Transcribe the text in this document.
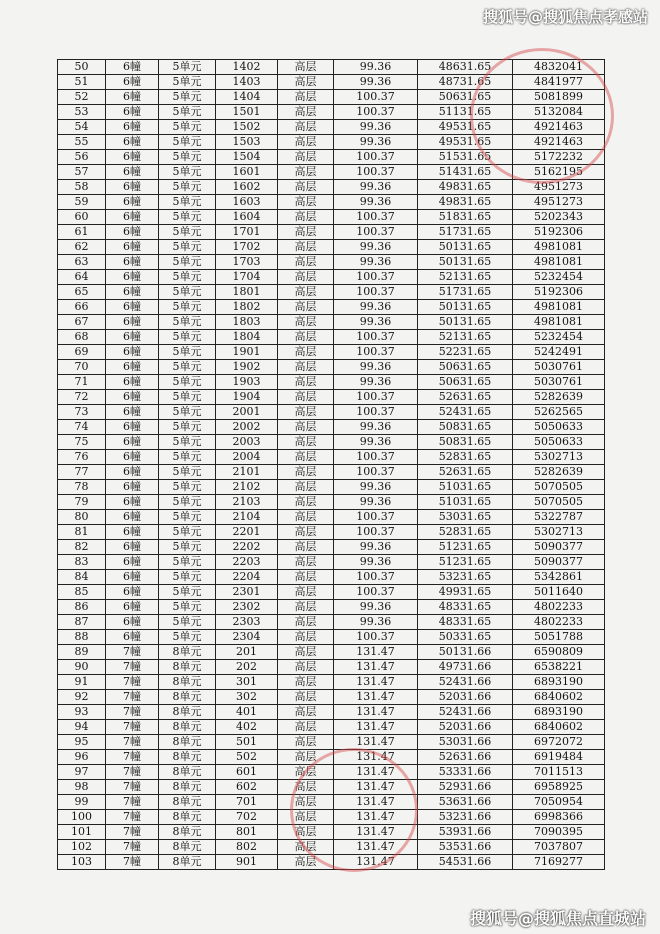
搜狐号@搜狐焦点孝感站
50	6幢	5单元	1402	高层	99.36	48631.65	4832041
51	6幢	5单元	1403	高层	99.36	48731.65	4841977
52	6幢	5单元	1404	高层	100.37	50631.65	5081899
53	6幢	5单元	1501	高层	100.37	51131.65	5132084
54	6幢	5单元	1502	高层	99.36	49531.65	4921463
55	6幢	5单元	1503	高层	99.36	49531.65	4921463
56	6幢	5单元	1504	高层	100.37	51531.65	5172232
57	6幢	5单元	1601	高层	100.37	51431.65	5162195
58	6幢	5单元	1602	高层	99.36	49831.65	4951273
59	6幢	5单元	1603	高层	99.36	49831.65	4951273
60	6幢	5单元	1604	高层	100.37	51831.65	5202343
61	6幢	5单元	1701	高层	100.37	51731.65	5192306
62	6幢	5单元	1702	高层	99.36	50131.65	4981081
63	6幢	5单元	1703	高层	99.36	50131.65	4981081
64	6幢	5单元	1704	高层	100.37	52131.65	5232454
65	6幢	5单元	1801	高层	100.37	51731.65	5192306
66	6幢	5单元	1802	高层	99.36	50131.65	4981081
67	6幢	5单元	1803	高层	99.36	50131.65	4981081
68	6幢	5单元	1804	高层	100.37	52131.65	5232454
69	6幢	5单元	1901	高层	100.37	52231.65	5242491
70	6幢	5单元	1902	高层	99.36	50631.65	5030761
71	6幢	5单元	1903	高层	99.36	50631.65	5030761
72	6幢	5单元	1904	高层	100.37	52631.65	5282639
73	6幢	5单元	2001	高层	100.37	52431.65	5262565
74	6幢	5单元	2002	高层	99.36	50831.65	5050633
75	6幢	5单元	2003	高层	99.36	50831.65	5050633
76	6幢	5单元	2004	高层	100.37	52831.65	5302713
77	6幢	5单元	2101	高层	100.37	52631.65	5282639
78	6幢	5单元	2102	高层	99.36	51031.65	5070505
79	6幢	5单元	2103	高层	99.36	51031.65	5070505
80	6幢	5单元	2104	高层	100.37	53031.65	5322787
81	6幢	5单元	2201	高层	100.37	52831.65	5302713
82	6幢	5单元	2202	高层	99.36	51231.65	5090377
83	6幢	5单元	2203	高层	99.36	51231.65	5090377
84	6幢	5单元	2204	高层	100.37	53231.65	5342861
85	6幢	5单元	2301	高层	100.37	49931.65	5011640
86	6幢	5单元	2302	高层	99.36	48331.65	4802233
87	6幢	5单元	2303	高层	99.36	48331.65	4802233
88	6幢	5单元	2304	高层	100.37	50331.65	5051788
89	7幢	8单元	201	高层	131.47	50131.66	6590809
90	7幢	8单元	202	高层	131.47	49731.66	6538221
91	7幢	8单元	301	高层	131.47	52431.66	6893190
92	7幢	8单元	302	高层	131.47	52031.66	6840602
93	7幢	8单元	401	高层	131.47	52431.66	6893190
94	7幢	8单元	402	高层	131.47	52031.66	6840602
95	7幢	8单元	501	高层	131.47	53031.66	6972072
96	7幢	8单元	502	高层	131.47	52631.66	6919484
97	7幢	8单元	601	高层	131.47	53331.66	7011513
98	7幢	8单元	602	高层	131.47	52931.66	6958925
99	7幢	8单元	701	高层	131.47	53631.66	7050954
100	7幢	8单元	702	高层	131.47	53231.66	6998366
101	7幢	8单元	801	高层	131.47	53931.66	7090395
102	7幢	8单元	802	高层	131.47	53531.66	7037807
103	7幢	8单元	901	高层	131.47	54531.66	7169277
搜狐号@搜狐焦点直城站
